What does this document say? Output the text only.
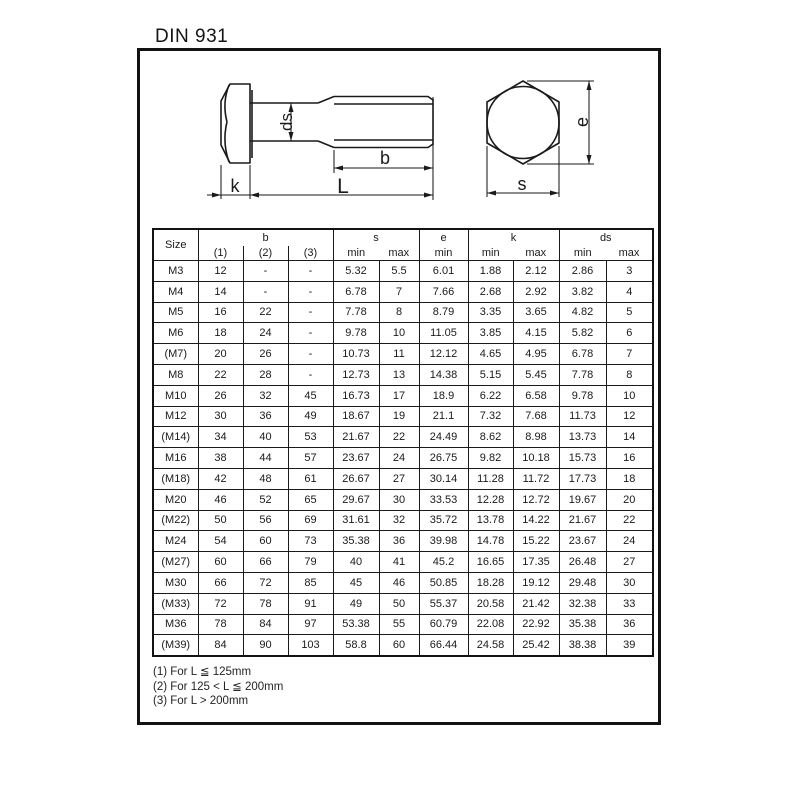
DIN 931
ds
b
k	L
e
s
Size	b			s		e	k		ds	
	(1)	(2)	(3)	min	max	min	min	max	min	max
M3	12	-	-	5.32	5.5	6.01	1.88	2.12	2.86	3
M4	14	-	-	6.78	7	7.66	2.68	2.92	3.82	4
M5	16	22	-	7.78	8	8.79	3.35	3.65	4.82	5
M6	18	24	-	9.78	10	11.05	3.85	4.15	5.82	6
(M7)	20	26	-	10.73	11	12.12	4.65	4.95	6.78	7
M8	22	28	-	12.73	13	14.38	5.15	5.45	7.78	8
M10	26	32	45	16.73	17	18.9	6.22	6.58	9.78	10
M12	30	36	49	18.67	19	21.1	7.32	7.68	11.73	12
(M14)	34	40	53	21.67	22	24.49	8.62	8.98	13.73	14
M16	38	44	57	23.67	24	26.75	9.82	10.18	15.73	16
(M18)	42	48	61	26.67	27	30.14	11.28	11.72	17.73	18
M20	46	52	65	29.67	30	33.53	12.28	12.72	19.67	20
(M22)	50	56	69	31.61	32	35.72	13.78	14.22	21.67	22
M24	54	60	73	35.38	36	39.98	14.78	15.22	23.67	24
(M27)	60	66	79	40	41	45.2	16.65	17.35	26.48	27
M30	66	72	85	45	46	50.85	18.28	19.12	29.48	30
(M33)	72	78	91	49	50	55.37	20.58	21.42	32.38	33
M36	78	84	97	53.38	55	60.79	22.08	22.92	35.38	36
(M39)	84	90	103	58.8	60	66.44	24.58	25.42	38.38	39
(1) For L ≦ 125mm
(2) For 125 < L ≦ 200mm
(3) For L > 200mm
